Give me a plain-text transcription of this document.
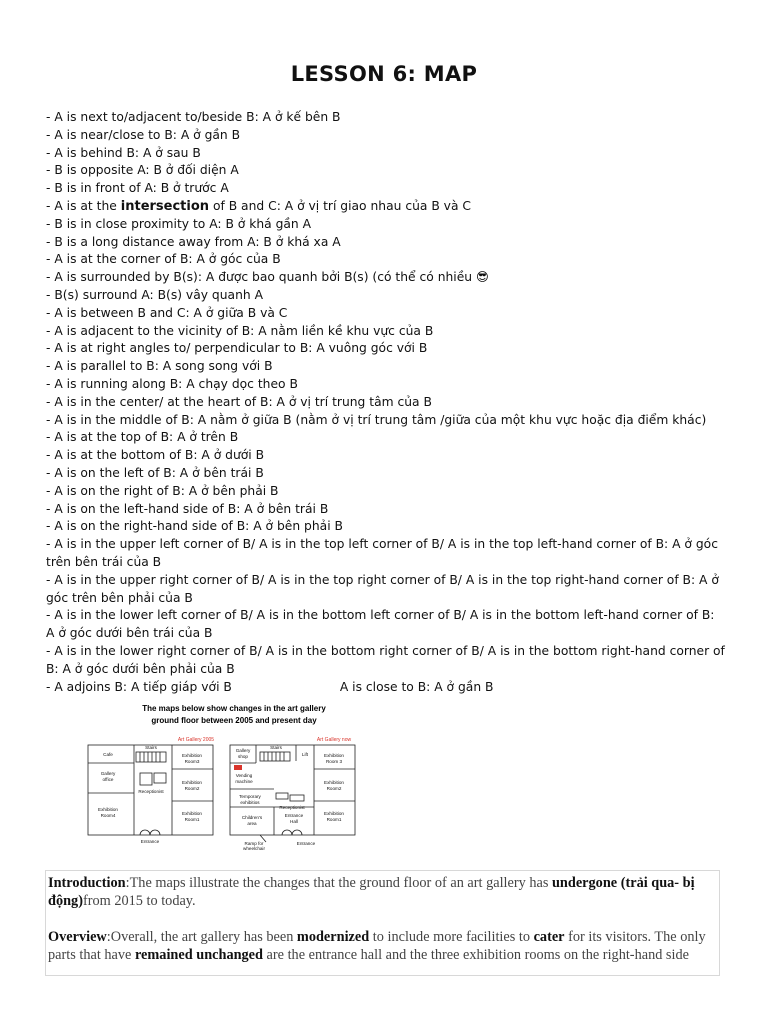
LESSON 6: MAP
- A is next to/adjacent to/beside B: A ở kế bên B
- A is near/close to B: A ở gần B
- A is behind B: A ở sau B
- B is opposite A: B ở đối diện A
- B is in front of A: B ở trước A
- A is at the intersection of B and C: A ở vị trí giao nhau của B và C
- B is in close proximity to A: B ở khá gần A
- B is a long distance away from A: B ở khá xa A
- A is at the corner of B: A ở góc của B
- A is surrounded by B(s): A được bao quanh bởi B(s) (có thể có nhiều 😎
- B(s) surround A: B(s) vây quanh A
- A is between B and C: A ở giữa B và C
- A is adjacent to the vicinity of B: A nằm liền kề khu vực của B
- A is at right angles to/ perpendicular to B: A vuông góc với B
- A is parallel to B: A song song với B
- A is running along B: A chạy dọc theo B
- A is in the center/ at the heart of B: A ở vị trí trung tâm của B
- A is in the middle of B: A nằm ở giữa B (nằm ở vị trí trung tâm /giữa của một khu vực hoặc địa điểm khác)
- A is at the top of B: A ở trên B
- A is at the bottom of B: A ở dưới B
- A is on the left of B: A ở bên trái B
- A is on the right of B: A ở bên phải B
- A is on the left-hand side of B: A ở bên trái B
- A is on the right-hand side of B: A ở bên phải B
- A is in the upper left corner of B/ A is in the top left corner of B/ A is in the top left-hand corner of B: A ở góc trên bên trái của B
- A is in the upper right corner of B/ A is in the top right corner of B/ A is in the top right-hand corner of B: A ở góc trên bên phải của B
- A is in the lower left corner of B/ A is in the bottom left corner of B/ A is in the bottom left-hand corner of B: A ở góc dưới bên trái của B
- A is in the lower right corner of B/ A is in the bottom right corner of B/ A is in the bottom right-hand corner of B: A ở góc dưới bên phải của B
- A adjoins B: A tiếp giáp với B	A is close to B: A ở gần B
The maps below show changes in the art gallery
ground floor between 2005 and present day
Art Gallery 2005
Cafe
Stairs
Exhibition Room3
Gallery office
Exhibition Room2
Receptionist
Exhibition Room4	Exhibition Room1
Entrance
Art Gallery now
Gallery shop
Stairs
Lift	Exhibition Room 3
Vending machine	Exhibition Room2
Temporary exhibitios
Receptionist
Children's area
Entrance Hall
Exhibition Room1
Ramp for wheelchair
Entrance

Introduction:The maps illustrate the changes that the ground floor of an art gallery has undergone (trải qua- bị động)from 2015 to today.

Overview:Overall, the art gallery has been modernized to include more facilities to cater for its visitors. The only parts that have remained unchanged are the entrance hall and the three exhibition rooms on the right-hand side
